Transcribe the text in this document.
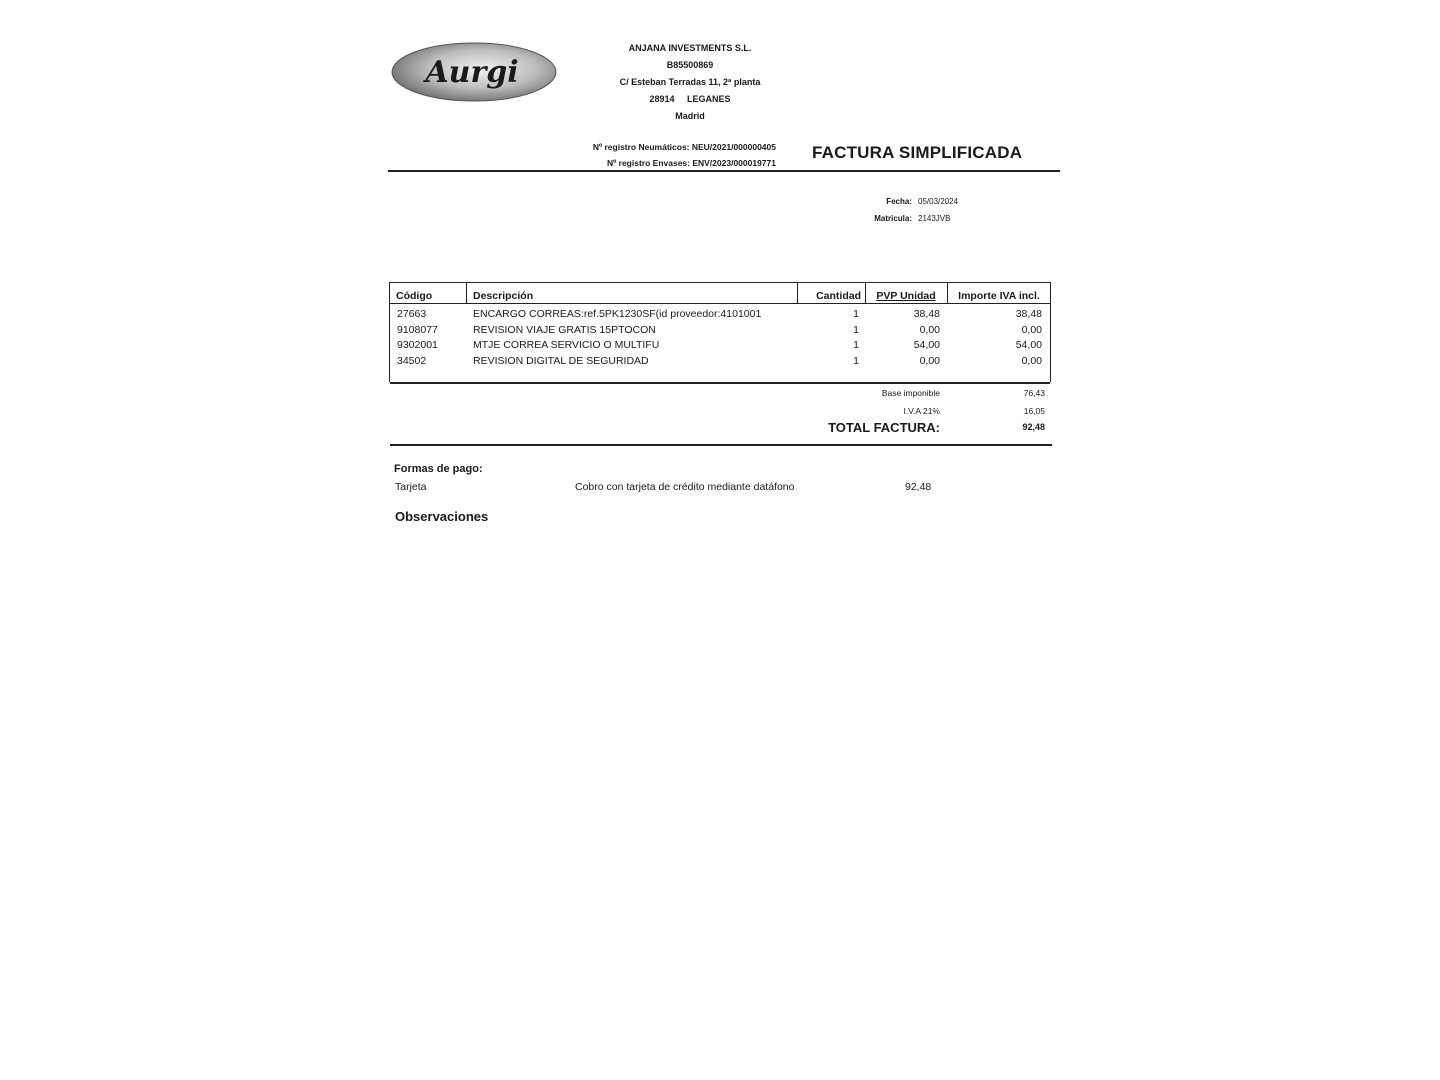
Aurgi
ANJANA INVESTMENTS S.L.
B85500869
C/ Esteban Terradas 11, 2ª planta
28914     LEGANES
Madrid
Nº registro Neumáticos: NEU/2021/000000405
Nº registro Envases: ENV/2023/000019771
FACTURA SIMPLIFICADA
Fecha: 05/03/2024
Matricula: 2143JVB
Código	Descripción	Cantidad	PVP Unidad	Importe IVA incl.
27663	ENCARGO CORREAS:ref.5PK1230SF(id proveedor:4101001	1	38,48	38,48
9108077	REVISION VIAJE GRATIS 15PTOCON	1	0,00	0,00
9302001	MTJE CORREA SERVICIO O MULTIFU	1	54,00	54,00
34502	REVISION DIGITAL DE SEGURIDAD	1	0,00	0,00
Base imponible	76,43
I.V.A 21%	16,05
TOTAL FACTURA:	92,48
Formas de pago:
Tarjeta	Cobro con tarjeta de crédito mediante datáfono	92,48
Observaciones
